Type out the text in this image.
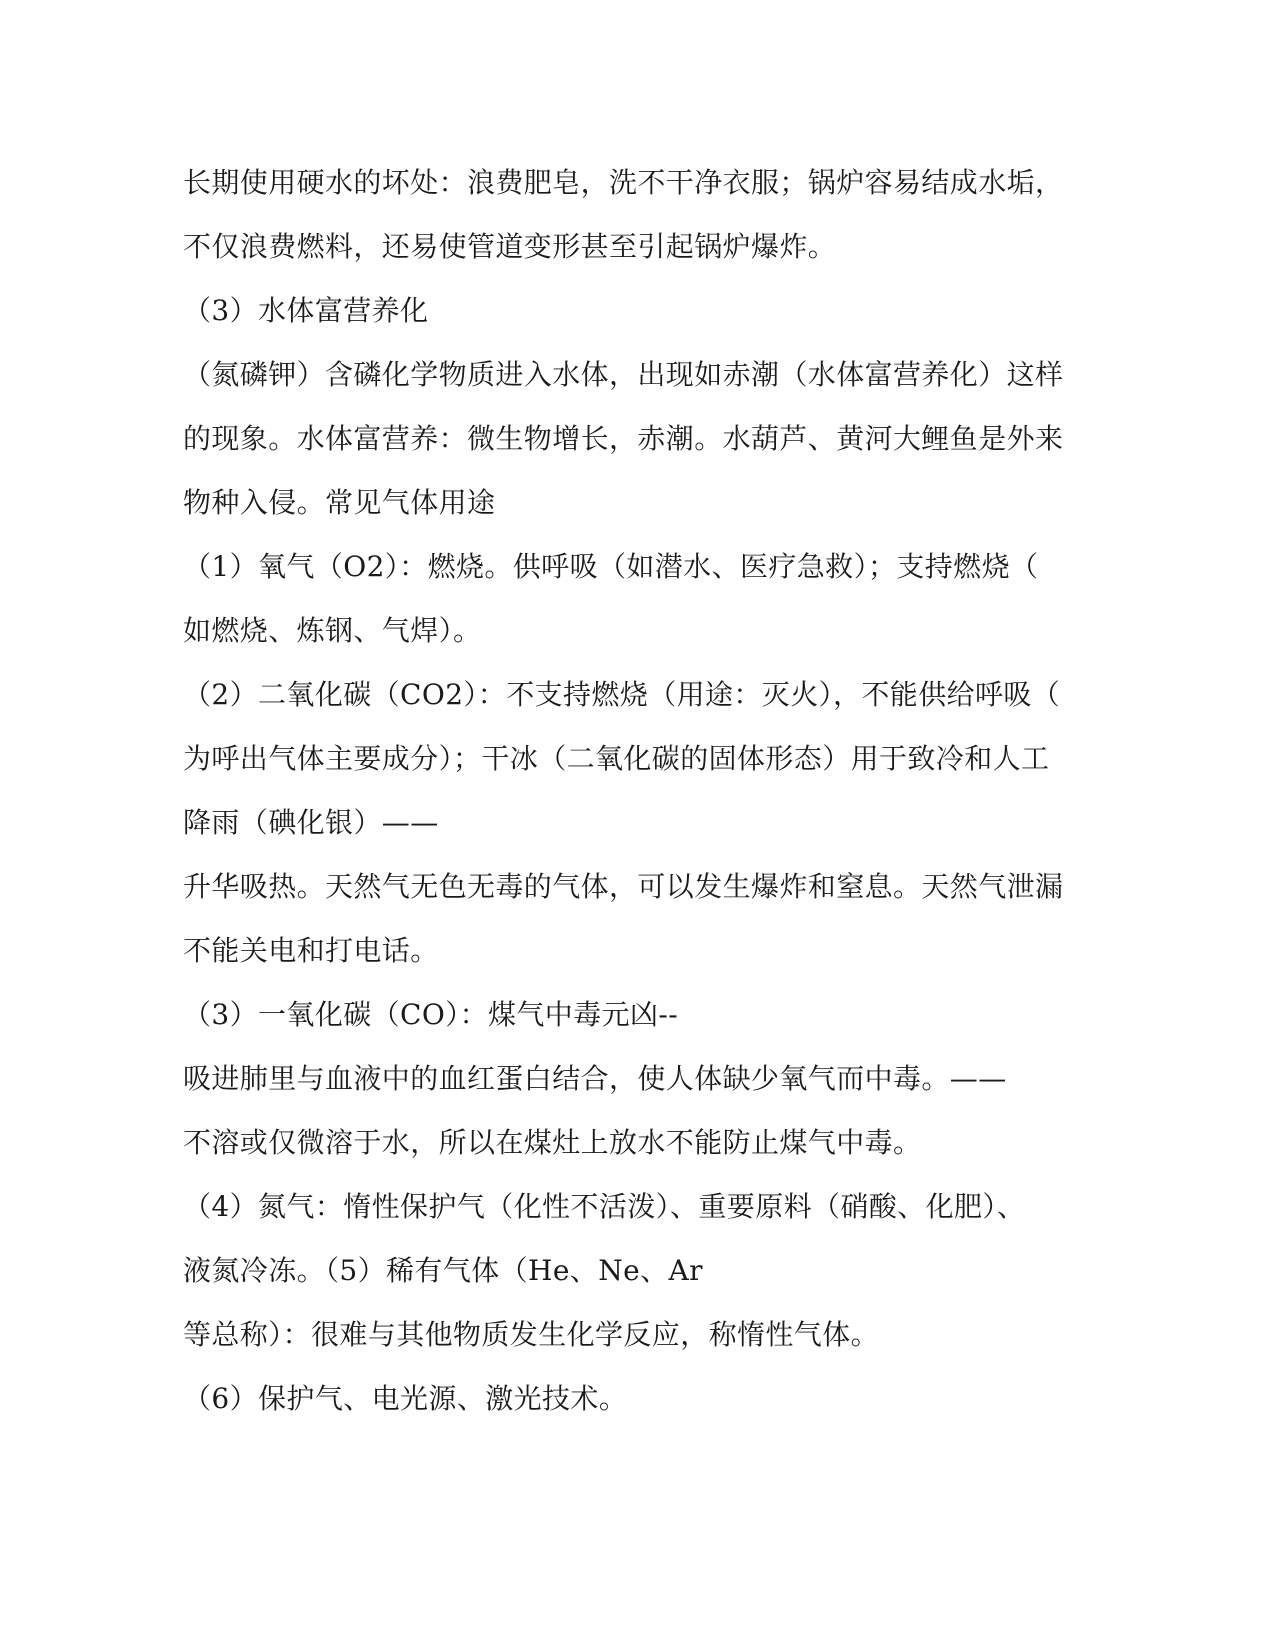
长期使用硬水的坏处：浪费肥皂，洗不干净衣服；锅炉容易结成水垢，
不仅浪费燃料，还易使管道变形甚至引起锅炉爆炸。
（3）水体富营养化
（氮磷钾）含磷化学物质进入水体，出现如赤潮（水体富营养化）这样
的现象。水体富营养：微生物增长，赤潮。水葫芦、黄河大鲤鱼是外来
物种入侵。常见气体用途
（1）氧气（O2）：燃烧。供呼吸（如潜水、医疗急救）；支持燃烧（
如燃烧、炼钢、气焊）。
（2）二氧化碳（CO2）：不支持燃烧（用途：灭火），不能供给呼吸（
为呼出气体主要成分）；干冰（二氧化碳的固体形态）用于致冷和人工
降雨（碘化银）——
升华吸热。天然气无色无毒的气体，可以发生爆炸和窒息。天然气泄漏
不能关电和打电话。
（3）一氧化碳（CO）：煤气中毒元凶--
吸进肺里与血液中的血红蛋白结合，使人体缺少氧气而中毒。——
不溶或仅微溶于水，所以在煤灶上放水不能防止煤气中毒。
（4）氮气：惰性保护气（化性不活泼）、重要原料（硝酸、化肥）、
液氮冷冻。（5）稀有气体（He、Ne、Ar
等总称）：很难与其他物质发生化学反应，称惰性气体。
（6）保护气、电光源、激光技术。
